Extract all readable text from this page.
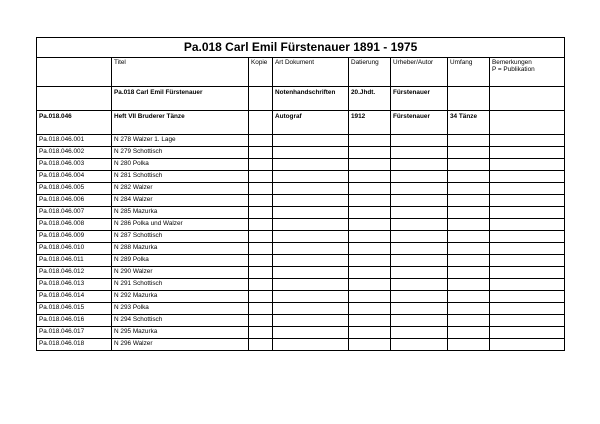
Pa.018 Carl Emil Fürstenauer 1891 - 1975							
	Titel	Kopie	Art Dokument	Datierung	Urheber/Autor	Umfang	Bemerkungen
P = Publikation
	Pa.018 Carl Emil Fürstenauer		Notenhandschriften	20.Jhdt.	Fürstenauer		
Pa.018.046	Heft VII Bruderer Tänze		Autograf	1912	Fürstenauer	34 Tänze	
Pa.018.046.001	N 278 Walzer 1. Lage						
Pa.018.046.002	N 279 Schottisch						
Pa.018.046.003	N 280 Polka						
Pa.018.046.004	N 281 Schottisch						
Pa.018.046.005	N 282 Walzer						
Pa.018.046.006	N 284 Walzer						
Pa.018.046.007	N 285 Mazurka						
Pa.018.046.008	N 286 Polka und Walzer						
Pa.018.046.009	N 287 Schottisch						
Pa.018.046.010	N 288 Mazurka						
Pa.018.046.011	N 289 Polka						
Pa.018.046.012	N 290 Walzer						
Pa.018.046.013	N 291 Schottisch						
Pa.018.046.014	N 292 Mazurka						
Pa.018.046.015	N 293 Polka						
Pa.018.046.016	N 294 Schottisch						
Pa.018.046.017	N 295 Mazurka						
Pa.018.046.018	N 296 Walzer						
